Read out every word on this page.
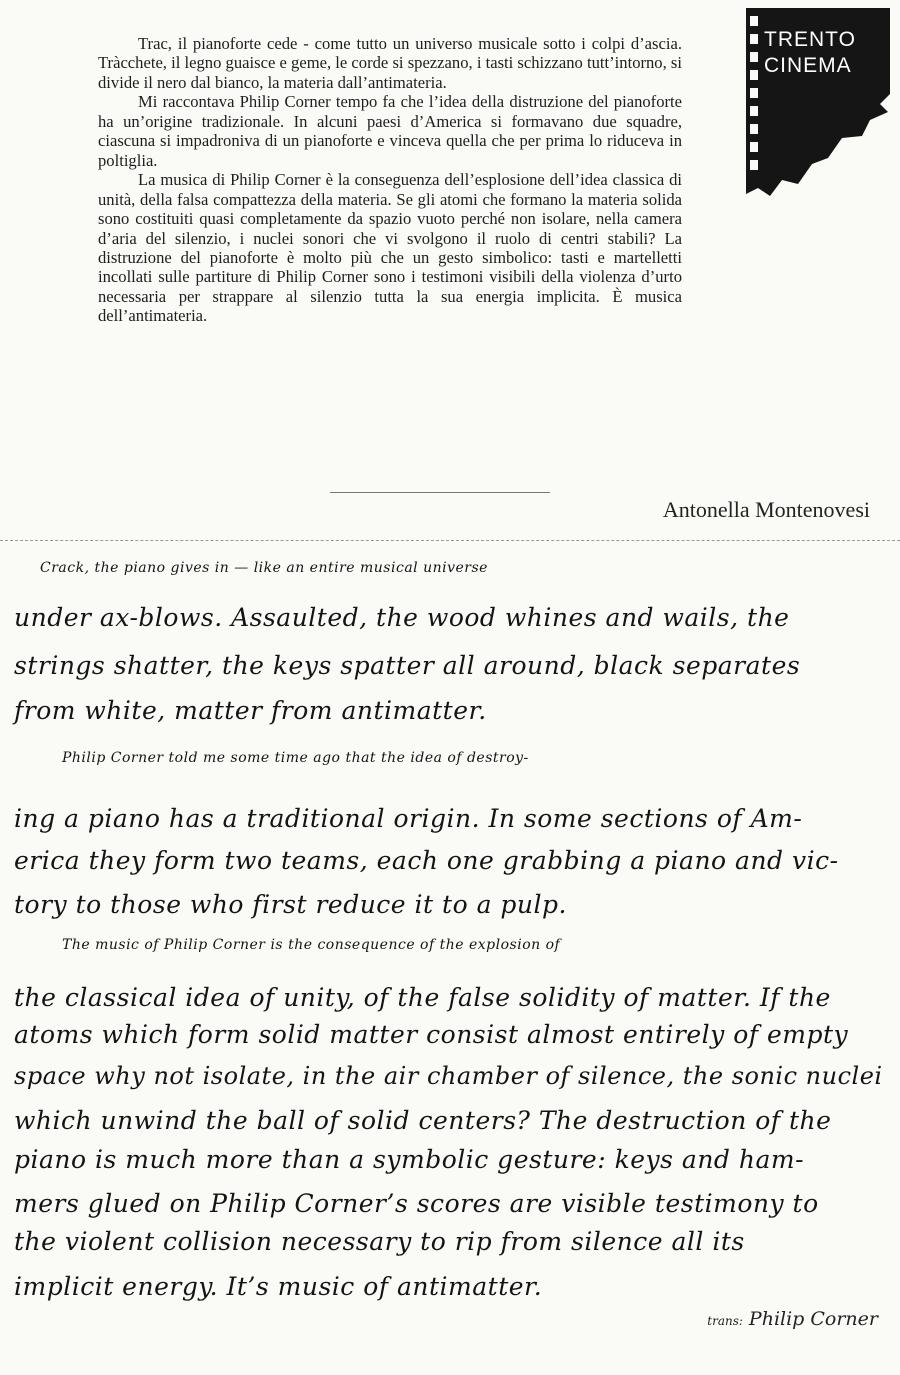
TRENTO
CINEMA

Trac, il pianoforte cede - come tutto un universo musicale sotto i colpi d’ascia. Tràcchete, il legno guaisce e geme, le corde si spezzano, i tasti schizzano tutt’intorno, si divide il nero dal bianco, la materia dall’antimateria.

Mi raccontava Philip Corner tempo fa che l’idea della distruzione del pianoforte ha un’origine tradizionale. In alcuni paesi d’America si formavano due squadre, ciascuna si impadroniva di un pianoforte e vinceva quella che per prima lo riduceva in poltiglia.

La musica di Philip Corner è la conseguenza dell’esplosione dell’idea classica di unità, della falsa compattezza della materia. Se gli atomi che formano la materia solida sono costituiti quasi completamente da spazio vuoto perché non isolare, nella camera d’aria del silenzio, i nuclei sonori che vi svolgono il ruolo di centri stabili? La distruzione del pianoforte è molto più che un gesto simbolico: tasti e martelletti incollati sulle partiture di Philip Corner sono i testimoni visibili della violenza d’urto necessaria per strappare al silenzio tutta la sua energia implicita. È musica dell’antimateria.

Antonella Montenovesi
Crack, the piano gives in — like an entire musical universe
under ax-blows. Assaulted, the wood whines and wails, the
strings shatter, the keys spatter all around, black separates
from white, matter from antimatter.
Philip Corner told me some time ago that the idea of destroy-
ing a piano has a traditional origin. In some sections of Am-
erica they form two teams, each one grabbing a piano and vic-
tory to those who first reduce it to a pulp.
The music of Philip Corner is the consequence of the explosion of
the classical idea of unity, of the false solidity of matter. If the
atoms which form solid matter consist almost entirely of empty
space why not isolate, in the air chamber of silence, the sonic nuclei
which unwind the ball of solid centers? The destruction of the
piano is much more than a symbolic gesture: keys and ham-
mers glued on Philip Corner’s scores are visible testimony to
the violent collision necessary to rip from silence all its
implicit energy. It’s music of antimatter.
trans: Philip Corner
